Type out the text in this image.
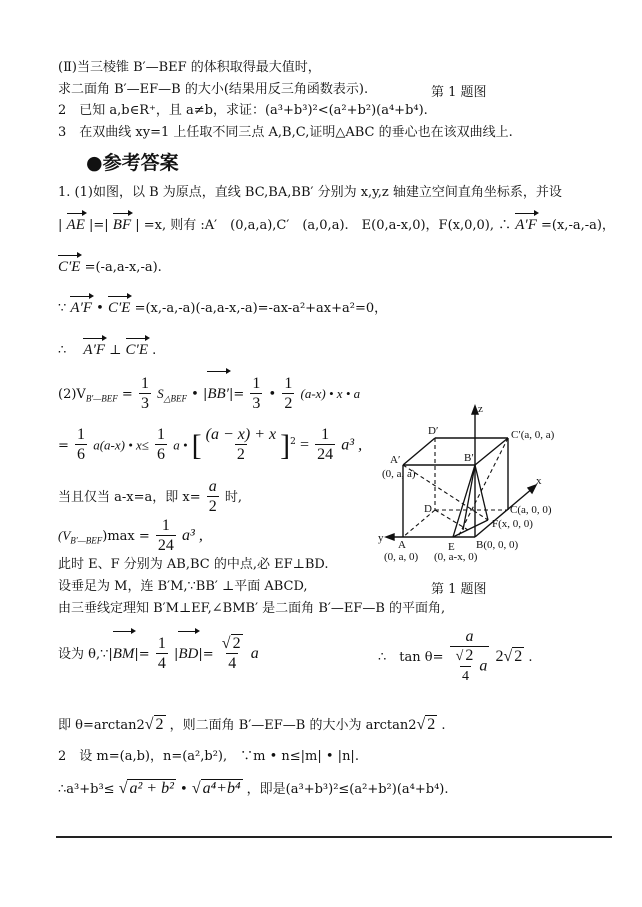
(Ⅱ)当三棱锥 B′—BEF 的体积取得最大值时，
求二面角 B′—EF—B 的大小(结果用反三角函数表示).	第 1 题图
2　已知 a,b∈R⁺，且 a≠b，求证：(a³+b³)²<(a²+b²)(a⁴+b⁴).
3　在双曲线 xy=1 上任取不同三点 A,B,C,证明△ABC 的垂心也在该双曲线上.
●参考答案
1. (1)如图，以 B 为原点，直线 BC,BA,BB′ 分别为 x,y,z 轴建立空间直角坐标系，并设
| AE |=| BF | =x, 则有 :A′　(0,a,a),C′　(a,0,a).　E(0,a-x,0)，F(x,0,0), ∴ A′F =(x,-a,-a)，
C′E =(-a,a-x,-a).
∵ A′F • C′E =(x,-a,-a)(-a,a-x,-a)=-ax-a²+ax+a²=0，
∴　 A′F ⊥ C′E .
$(2)V_{B'—BEF} = \frac{1}{3} S_{\triangle BEF}$ • $|BB'|= \frac{1}{3}$ • $\frac{1}{2} (a-x)$ • x • a
= $\frac{1}{6} a(a-x)$ • $x\le \frac{1}{6}$ a • [ $\frac{(a - x) + x}{2} ]^2 = \frac{1}{24} a^3$ ,
当且仅当 a-x=a，即 $x= \frac{a}{2}$ 时,
$(V_{B'—BEF})\max = \frac{1}{24} a^3$ ,
此时 E、F 分别为 AB,BC 的中点,必 EF⊥BD.
设垂足为 M，连 B′M,∵BB′ ⊥平面 ABCD,	第 1 题图
由三垂线定理知 B′M⊥EF,∠BMB′ 是二面角 B′—EF—B 的平面角,
设为 θ,∵|BM|= $\frac{1}{4} |BD|= \frac{√ 2}{4}$ a	∴　$\tan \theta= \frac{a}{\frac{√ 2}{4} a} 2√$ 2 .
即 θ=arctan2√ 2 ，则二面角 B′—EF—B 的大小为 arctan2√ 2 .
2　设 m=(a,b)，n=(a²,b²),　∵m • n≤|m| • |n|.
∴a³+b³≤ √ a² + b² • √ a⁴+b⁴ ，即是(a³+b³)²≤(a²+b²)(a⁴+b⁴).
z
x
y
D′	C′(a, 0, a)
A′
(0, a, a)
B′
D	C(a, 0, 0)
F(x, 0, 0)
A
(0, a, 0)
E
(0, a-x, 0)
B(0, 0, 0)
